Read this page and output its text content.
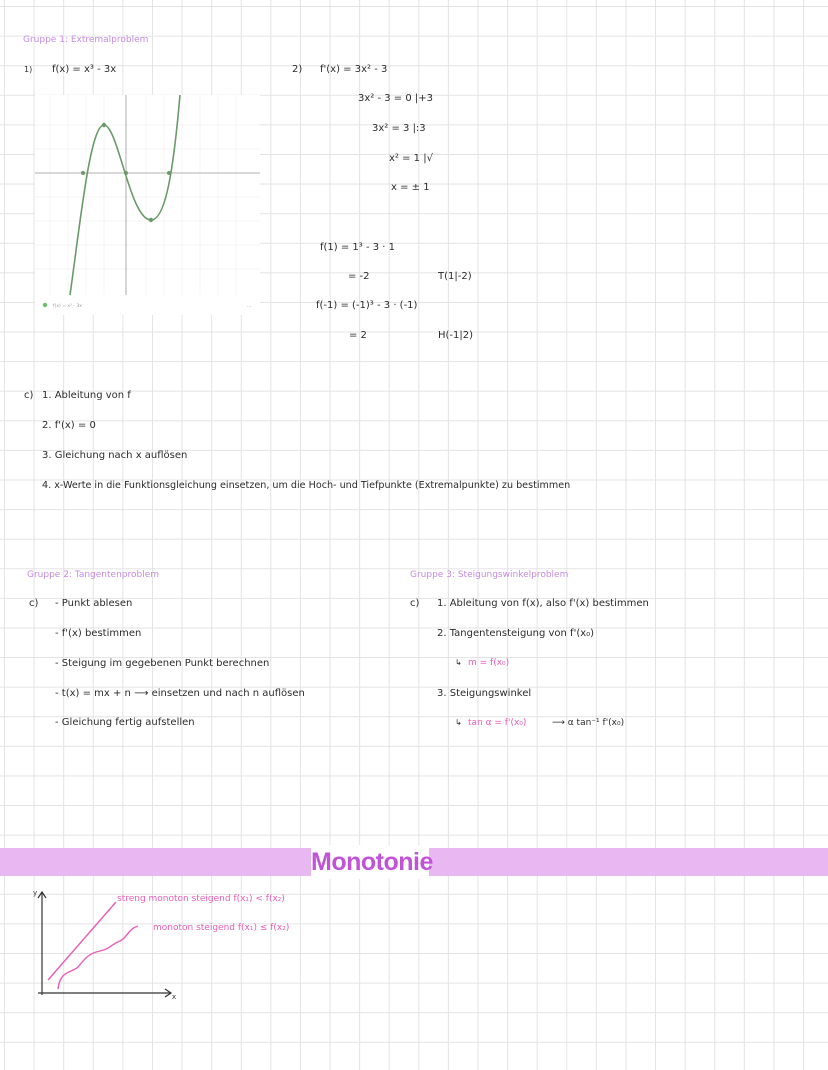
Gruppe 1: Extremalproblem
1) f(x) = x³ - 3x
f(x) = x³ - 3x	...
2) f'(x) = 3x² - 3
3x² - 3 = 0 |+3
3x² = 3 |:3
x² = 1 |√
x = ± 1
f(1) = 1³ - 3 · 1
= -2	T(1|-2)
f(-1) = (-1)³ - 3 · (-1)
= 2	H(-1|2)
c) 1. Ableitung von f
2. f'(x) = 0
3. Gleichung nach x auflösen
4. x-Werte in die Funktionsgleichung einsetzen, um die Hoch- und Tiefpunkte (Extremalpunkte) zu bestimmen
Gruppe 2: Tangentenproblem
c) - Punkt ablesen
- f'(x) bestimmen
- Steigung im gegebenen Punkt berechnen
- t(x) = mx + n ⟶ einsetzen und nach n auflösen
- Gleichung fertig aufstellen
Gruppe 3: Steigungswinkelproblem
c) 1. Ableitung von f(x), also f'(x) bestimmen
2. Tangentensteigung von f'(x₀)
↳ m = f(x₀)
3. Steigungswinkel
↳ tan α = f'(x₀)	⟶ α tan⁻¹ f'(x₀)
Monotonie
y
x
streng monoton steigend f(x₁) < f(x₂)
monoton steigend f(x₁) ≤ f(x₂)
